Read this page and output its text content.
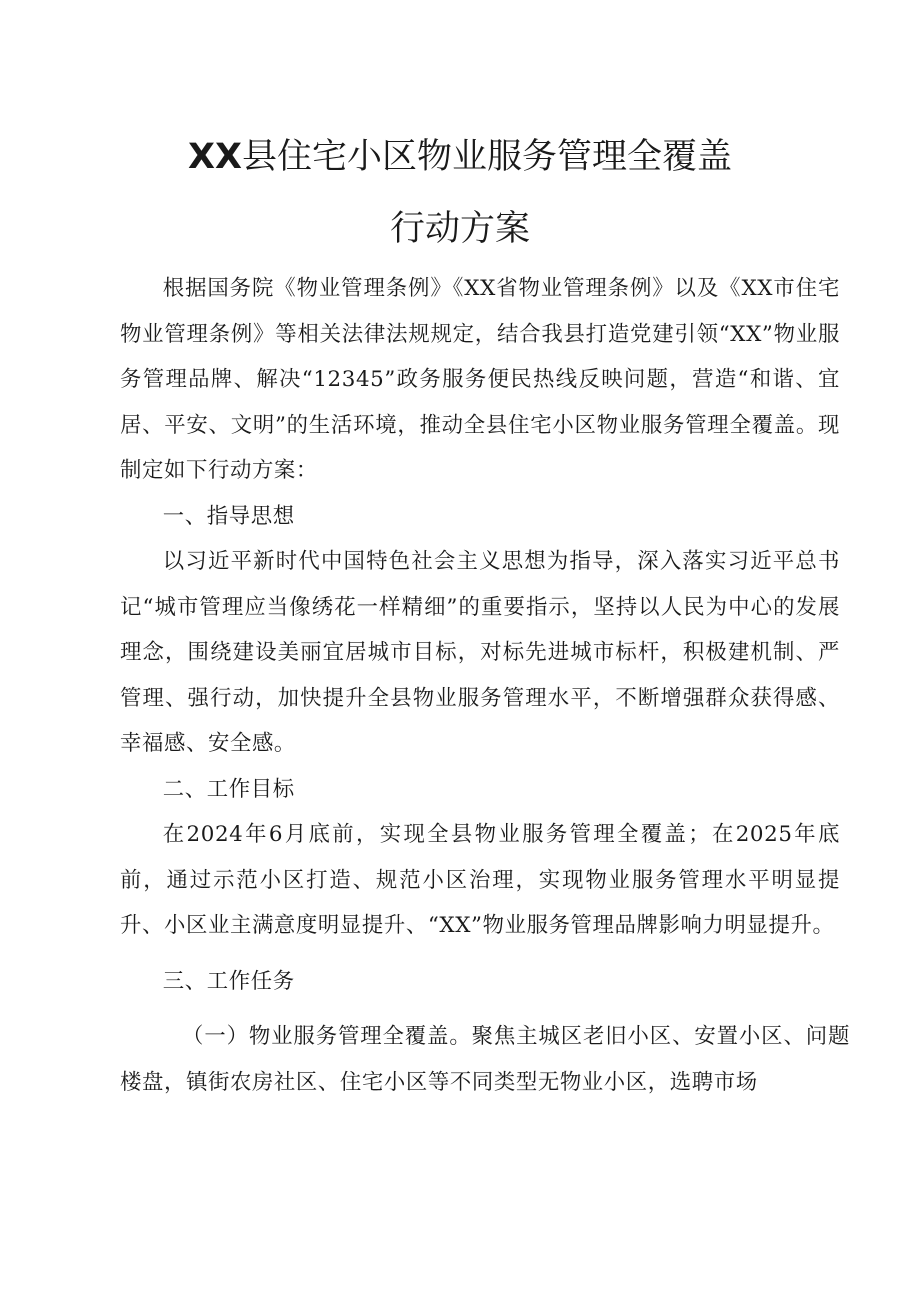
XX县住宅小区物业服务管理全覆盖
行动方案

根据国务院《物业管理条例》《XX省物业管理条例》以及《XX市住宅物业管理条例》等相关法律法规规定，结合我县打造党建引领“XX”物业服务管理品牌、解决“12345”政务服务便民热线反映问题，营造“和谐、宜居、平安、文明”的生活环境，推动全县住宅小区物业服务管理全覆盖。现制定如下行动方案：

一、指导思想

以习近平新时代中国特色社会主义思想为指导，深入落实习近平总书记“城市管理应当像绣花一样精细”的重要指示，坚持以人民为中心的发展理念，围绕建设美丽宜居城市目标，对标先进城市标杆，积极建机制、严管理、强行动，加快提升全县物业服务管理水平，不断增强群众获得感、幸福感、安全感。

二、工作目标

在2024年6月底前，实现全县物业服务管理全覆盖；在2025年底前，通过示范小区打造、规范小区治理，实现物业服务管理水平明显提升、小区业主满意度明显提升、“XX”物业服务管理品牌影响力明显提升。

三、工作任务

（一）物业服务管理全覆盖。聚焦主城区老旧小区、安置小区、问题楼盘，镇街农房社区、住宅小区等不同类型无物业小区，选聘市场
